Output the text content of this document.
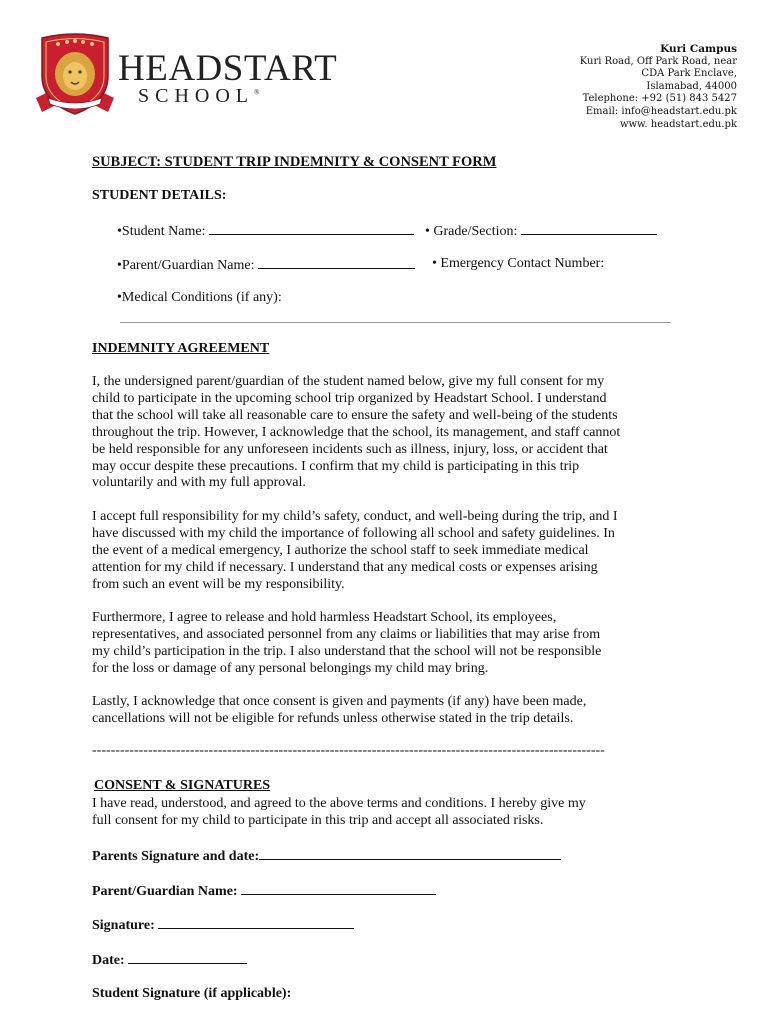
HEADSTART
SCHOOL®
Kuri Campus
Kuri Road, Off Park Road, near
CDA Park Enclave,
Islamabad, 44000
Telephone: +92 (51) 843 5427
Email: info@headstart.edu.pk
www. headstart.edu.pk
SUBJECT: STUDENT TRIP INDEMNITY & CONSENT FORM
STUDENT DETAILS:
•Student Name:	• Grade/Section:
•Parent/Guardian Name:	• Emergency Contact Number:
•Medical Conditions (if any):
INDEMNITY AGREEMENT
I, the undersigned parent/guardian of the student named below, give my full consent for my
child to participate in the upcoming school trip organized by Headstart School. I understand
that the school will take all reasonable care to ensure the safety and well-being of the students
throughout the trip. However, I acknowledge that the school, its management, and staff cannot
be held responsible for any unforeseen incidents such as illness, injury, loss, or accident that
may occur despite these precautions. I confirm that my child is participating in this trip
voluntarily and with my full approval.
I accept full responsibility for my child’s safety, conduct, and well-being during the trip, and I
have discussed with my child the importance of following all school and safety guidelines. In
the event of a medical emergency, I authorize the school staff to seek immediate medical
attention for my child if necessary. I understand that any medical costs or expenses arising
from such an event will be my responsibility.
Furthermore, I agree to release and hold harmless Headstart School, its employees,
representatives, and associated personnel from any claims or liabilities that may arise from
my child’s participation in the trip. I also understand that the school will not be responsible
for the loss or damage of any personal belongings my child may bring.
Lastly, I acknowledge that once consent is given and payments (if any) have been made,
cancellations will not be eligible for refunds unless otherwise stated in the trip details.
--------------------------------------------------------------------------------------------------------------
CONSENT & SIGNATURES
I have read, understood, and agreed to the above terms and conditions. I hereby give my
full consent for my child to participate in this trip and accept all associated risks.
Parents Signature and date:
Parent/Guardian Name:
Signature:
Date:
Student Signature (if applicable):
